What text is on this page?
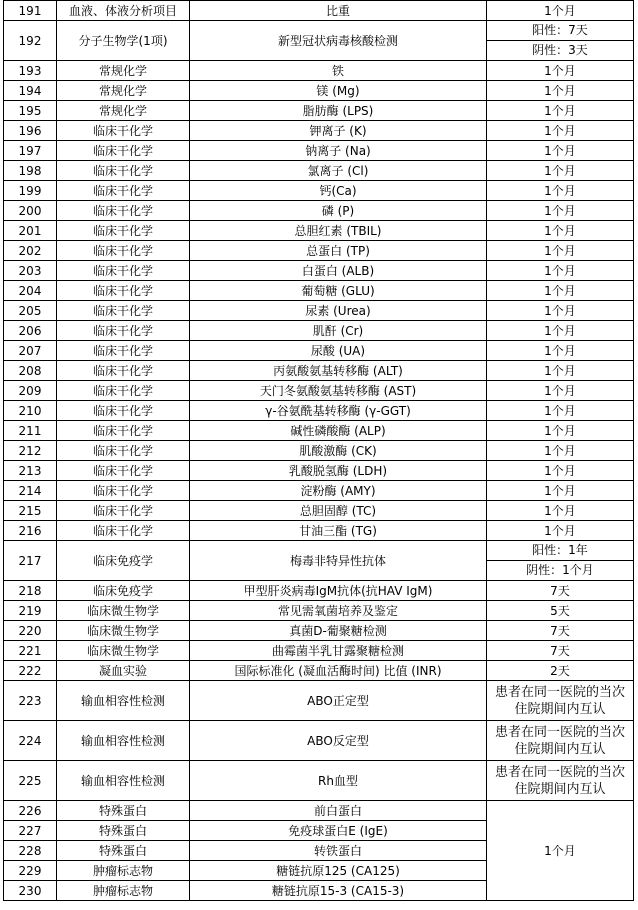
191	血液、体液分析项目	比重	1个月
192	分子生物学(1项)	新型冠状病毒核酸检测	阳性：7天
阴性：3天

193	常规化学	铁	1个月
194	常规化学	镁 (Mg)	1个月
195	常规化学	脂肪酶 (LPS)	1个月
196	临床干化学	钾离子 (K)	1个月
197	临床干化学	钠离子 (Na)	1个月
198	临床干化学	氯离子 (Cl)	1个月
199	临床干化学	钙(Ca)	1个月
200	临床干化学	磷 (P)	1个月
201	临床干化学	总胆红素 (TBIL)	1个月
202	临床干化学	总蛋白 (TP)	1个月
203	临床干化学	白蛋白 (ALB)	1个月
204	临床干化学	葡萄糖 (GLU)	1个月
205	临床干化学	尿素 (Urea)	1个月
206	临床干化学	肌酐 (Cr)	1个月
207	临床干化学	尿酸 (UA)	1个月
208	临床干化学	丙氨酸氨基转移酶 (ALT)	1个月
209	临床干化学	天门冬氨酸氨基转移酶 (AST)	1个月
210	临床干化学	γ-谷氨酰基转移酶 (γ-GGT)	1个月
211	临床干化学	碱性磷酸酶 (ALP)	1个月
212	临床干化学	肌酸激酶 (CK)	1个月
213	临床干化学	乳酸脱氢酶 (LDH)	1个月
214	临床干化学	淀粉酶 (AMY)	1个月
215	临床干化学	总胆固醇 (TC)	1个月
216	临床干化学	甘油三酯 (TG)	1个月
217	临床免疫学	梅毒非特异性抗体	阳性：1年
阴性：1个月

218	临床免疫学	甲型肝炎病毒IgM抗体(抗HAV IgM)	7天
219	临床微生物学	常见需氧菌培养及鉴定	5天
220	临床微生物学	真菌D-葡聚糖检测	7天
221	临床微生物学	曲霉菌半乳甘露聚糖检测	7天
222	凝血实验	国际标准化 (凝血活酶时间) 比值 (INR)	2天
223	输血相容性检测	ABO正定型	患者在同一医院的当次住院期间内互认
224	输血相容性检测	ABO反定型	患者在同一医院的当次住院期间内互认
225	输血相容性检测	Rh血型	患者在同一医院的当次住院期间内互认
226	特殊蛋白	前白蛋白	1个月
227	特殊蛋白	免疫球蛋白E (IgE)	
228	特殊蛋白	转铁蛋白	
229	肿瘤标志物	糖链抗原125 (CA125)	
230	肿瘤标志物	糖链抗原15-3 (CA15-3)	
